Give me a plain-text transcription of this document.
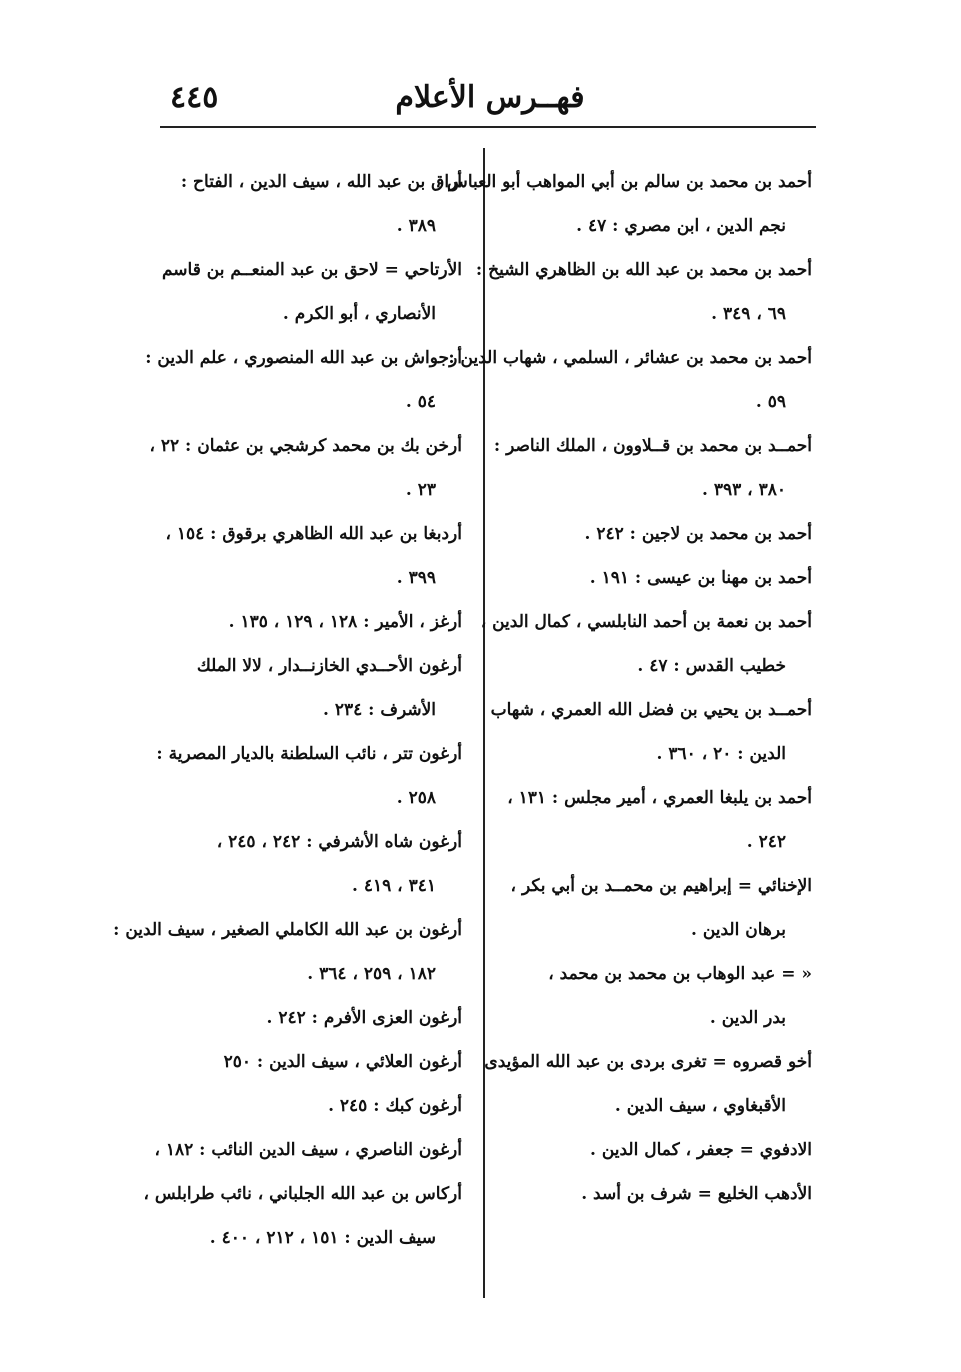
٤٤٥	فهــرس الأعلام
أحمد بن محمد بن سالم بن أبي المواهب أبو العباس ،
نجم الدين ، ابن مصري : ٤٧ .
أحمد بن محمد بن عبد الله بن الظاهري الشيخ :
٦٩ ، ٣٤٩ .
أحمد بن محمد بن عشائر ، السلمي ، شهاب الدين :
٥٩ .
أحمــد بن محمد بن قــلاوون ، الملك الناصر :
٣٨٠ ، ٣٩٣ .
أحمد بن محمد بن لاجين : ٢٤٢ .
أحمد بن مهنا بن عيسى : ١٩١ .
أحمد بن نعمة بن أحمد النابلسي ، كمال الدين ،
خطيب القدس : ٤٧ .
أحمــد بن يحيي بن فضل الله العمري ، شهاب
الدين : ٢٠ ، ٣٦٠ .
أحمد بن يلبغا العمري ، أمير مجلس : ١٣١ ،
٢٤٢ .
الإخنائي = إبراهيم بن محمــد بن أبي بكر ،
برهان الدين .
« = عبد الوهاب بن محمد بن محمد ،
بدر الدين .
أخو قصروه = تغرى بردى بن عبد الله المؤيدى
الأقبغاوي ، سيف الدين .
الادفوي = جعفر ، كمال الدين .
الأدهب الخليع = شرف بن أسد .
أراق بن عبد الله ، سيف الدين ، الفتاح :
٣٨٩ .
الأرتاحي = لاحق بن عبد المنعــم بن قاسم
الأنصاري ، أبو الكرم .
أرجواش بن عبد الله المنصوري ، علم الدين :
٥٤ .
أرخن بك بن محمد كرشجي بن عثمان : ٢٢ ،
٢٣ .
أردبغا بن عبد الله الظاهري برقوق : ١٥٤ ،
٣٩٩ .
أرغز ، الأمير : ١٢٨ ، ١٢٩ ، ١٣٥ .
أرغون الأحــدي الخازنــدار ، لالا الملك
الأشرف : ٢٣٤ .
أرغون تتر ، نائب السلطنة بالديار المصرية :
٢٥٨ .
أرغون شاه الأشرفي : ٢٤٢ ، ٢٤٥ ،
٣٤١ ، ٤١٩ .
أرغون بن عبد الله الكاملي الصغير ، سيف الدين :
١٨٢ ، ٢٥٩ ، ٣٦٤ .
أرغون العزى الأفرم : ٢٤٢ .
أرغون العلائي ، سيف الدين : ٢٥٠
أرغون كبك : ٢٤٥ .
أرغون الناصري ، سيف الدين النائب : ١٨٢ ،
أركاس بن عبد الله الجلباني ، نائب طرابلس ،
سيف الدين : ١٥١ ، ٢١٢ ، ٤٠٠ .
